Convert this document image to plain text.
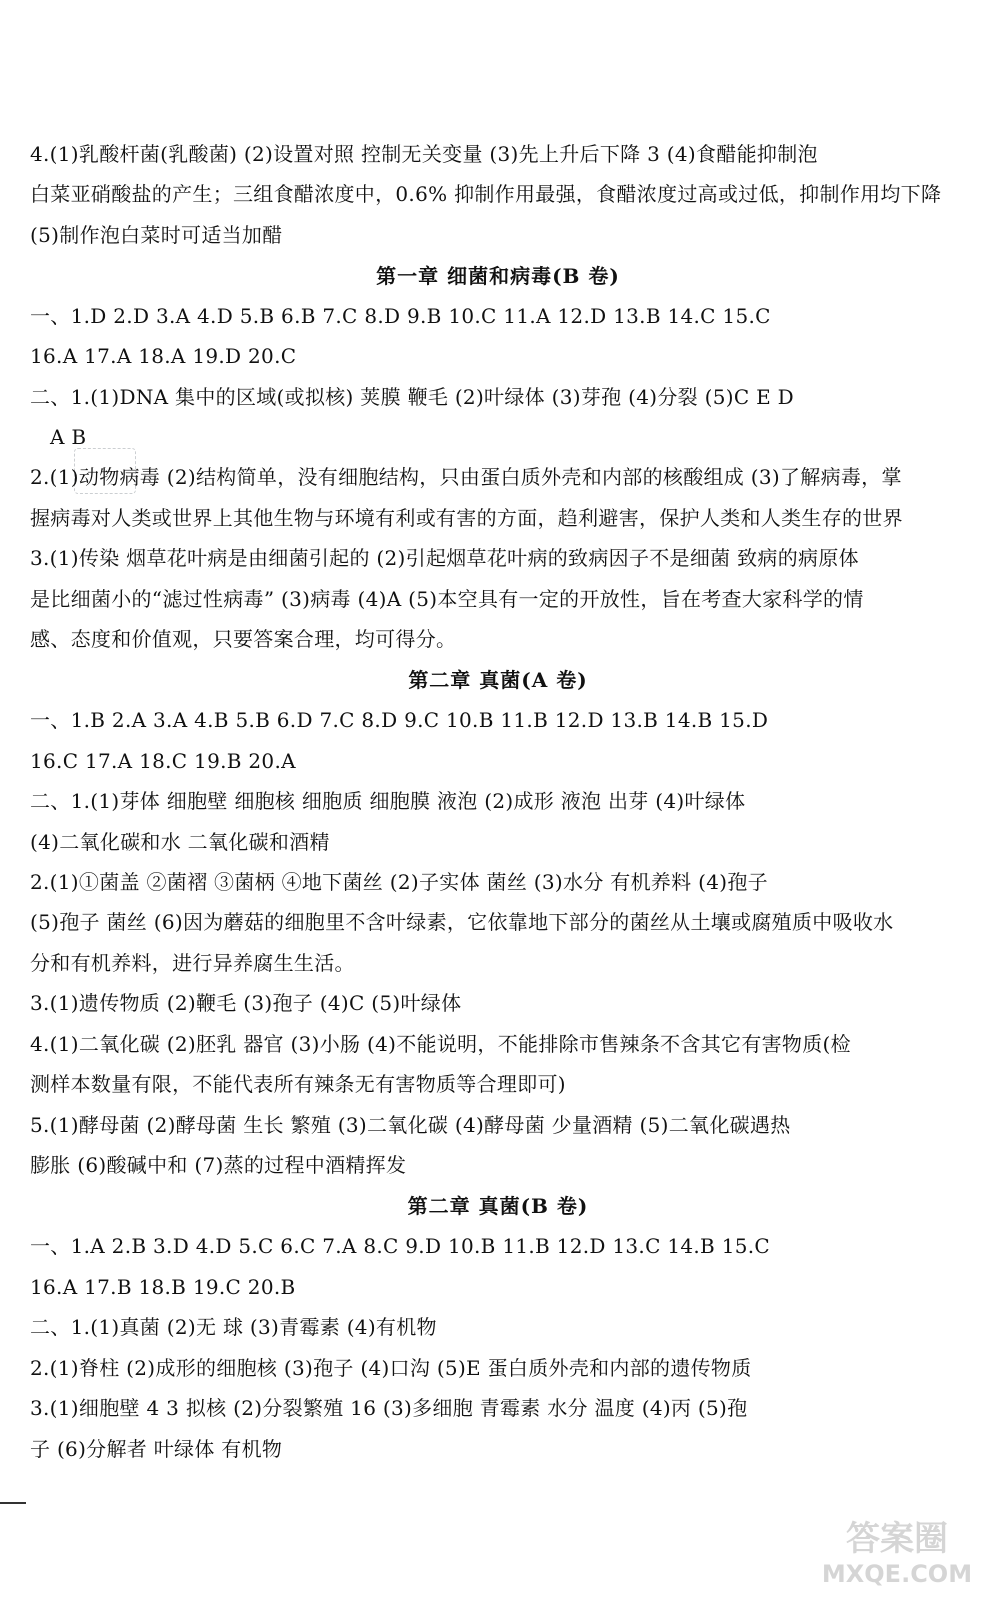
4.(1)乳酸杆菌(乳酸菌) (2)设置对照 控制无关变量 (3)先上升后下降 3 (4)食醋能抑制泡
白菜亚硝酸盐的产生；三组食醋浓度中，0.6% 抑制作用最强，食醋浓度过高或过低，抑制作用均下降
(5)制作泡白菜时可适当加醋
第一章 细菌和病毒(B 卷)
一、1.D 2.D 3.A 4.D 5.B 6.B 7.C 8.D 9.B 10.C 11.A 12.D 13.B 14.C 15.C
16.A 17.A 18.A 19.D 20.C
二、1.(1)DNA 集中的区域(或拟核) 荚膜 鞭毛 (2)叶绿体 (3)芽孢 (4)分裂 (5)C E D
A B
2.(1)动物病毒 (2)结构简单，没有细胞结构，只由蛋白质外壳和内部的核酸组成 (3)了解病毒，掌
握病毒对人类或世界上其他生物与环境有利或有害的方面，趋利避害，保护人类和人类生存的世界
3.(1)传染 烟草花叶病是由细菌引起的 (2)引起烟草花叶病的致病因子不是细菌 致病的病原体
是比细菌小的“滤过性病毒” (3)病毒 (4)A (5)本空具有一定的开放性，旨在考查大家科学的情
感、态度和价值观，只要答案合理，均可得分。
第二章 真菌(A 卷)
一、1.B 2.A 3.A 4.B 5.B 6.D 7.C 8.D 9.C 10.B 11.B 12.D 13.B 14.B 15.D
16.C 17.A 18.C 19.B 20.A
二、1.(1)芽体 细胞壁 细胞核 细胞质 细胞膜 液泡 (2)成形 液泡 出芽 (4)叶绿体
(4)二氧化碳和水 二氧化碳和酒精
2.(1)①菌盖 ②菌褶 ③菌柄 ④地下菌丝 (2)子实体 菌丝 (3)水分 有机养料 (4)孢子
(5)孢子 菌丝 (6)因为蘑菇的细胞里不含叶绿素，它依靠地下部分的菌丝从土壤或腐殖质中吸收水
分和有机养料，进行异养腐生生活。
3.(1)遗传物质 (2)鞭毛 (3)孢子 (4)C (5)叶绿体
4.(1)二氧化碳 (2)胚乳 器官 (3)小肠 (4)不能说明，不能排除市售辣条不含其它有害物质(检
测样本数量有限，不能代表所有辣条无有害物质等合理即可)
5.(1)酵母菌 (2)酵母菌 生长 繁殖 (3)二氧化碳 (4)酵母菌 少量酒精 (5)二氧化碳遇热
膨胀 (6)酸碱中和 (7)蒸的过程中酒精挥发
第二章 真菌(B 卷)
一、1.A 2.B 3.D 4.D 5.C 6.C 7.A 8.C 9.D 10.B 11.B 12.D 13.C 14.B 15.C
16.A 17.B 18.B 19.C 20.B
二、1.(1)真菌 (2)无 球 (3)青霉素 (4)有机物
2.(1)脊柱 (2)成形的细胞核 (3)孢子 (4)口沟 (5)E 蛋白质外壳和内部的遗传物质
3.(1)细胞壁 4 3 拟核 (2)分裂繁殖 16 (3)多细胞 青霉素 水分 温度 (4)丙 (5)孢
子 (6)分解者 叶绿体 有机物
答案圈
MXQE.COM
